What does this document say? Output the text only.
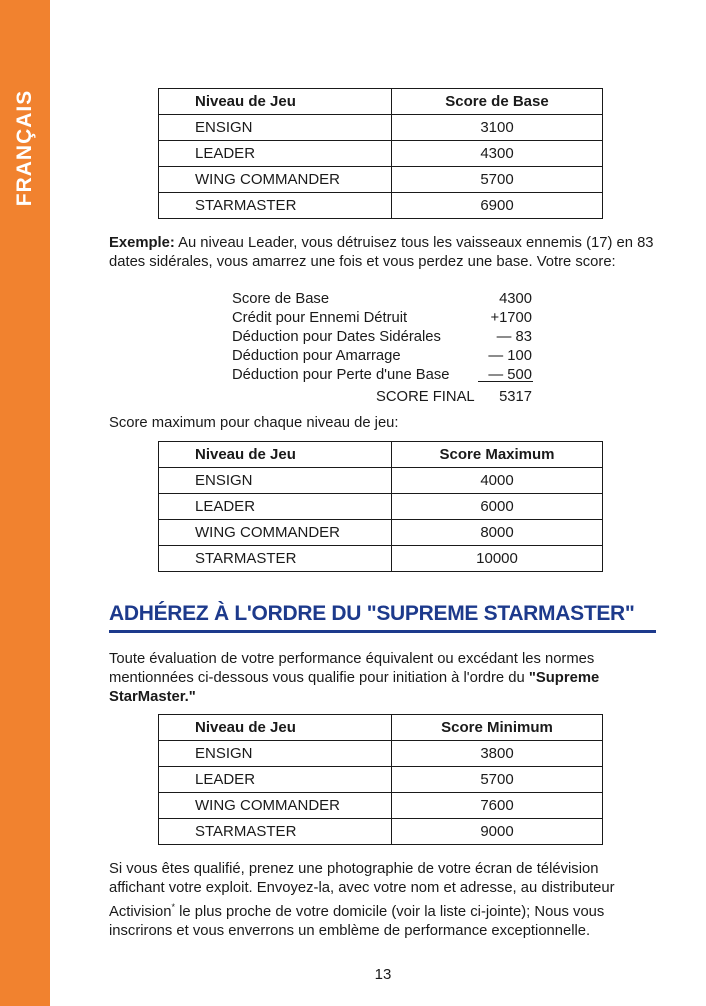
FRANÇAIS	Niveau de Jeu	Score de Base
ENSIGN	3100
LEADER	4300
WING COMMANDER	5700
STARMASTER	6900

Exemple: Au niveau Leader, vous détruisez tous les vaisseaux ennemis (17) en 83 dates sidérales, vous amarrez une fois et vous perdez une base. Votre score:

Score de Base	4300
Crédit pour Ennemi Détruit	+1700
Déduction pour Dates Sidérales	— 83
Déduction pour Amarrage	— 100
Déduction pour Perte d'une Base	— 500
SCORE FINAL 5317

Score maximum pour chaque niveau de jeu:

Niveau de Jeu	Score Maximum
ENSIGN	4000
LEADER	6000
WING COMMANDER	8000
STARMASTER	10000
ADHÉREZ À L'ORDRE DU "SUPREME STARMASTER"

Toute évaluation de votre performance équivalent ou excédant les normes mentionnées ci-dessous vous qualifie pour initiation à l'ordre du "Supreme StarMaster."

Niveau de Jeu	Score Minimum
ENSIGN	3800
LEADER	5700
WING COMMANDER	7600
STARMASTER	9000

Si vous êtes qualifié, prenez une photographie de votre écran de télévision affichant votre exploit. Envoyez-la, avec votre nom et adresse, au distributeur Activision* le plus proche de votre domicile (voir la liste ci-jointe); Nous vous inscrirons et vous enverrons un emblème de performance exceptionnelle.

13
